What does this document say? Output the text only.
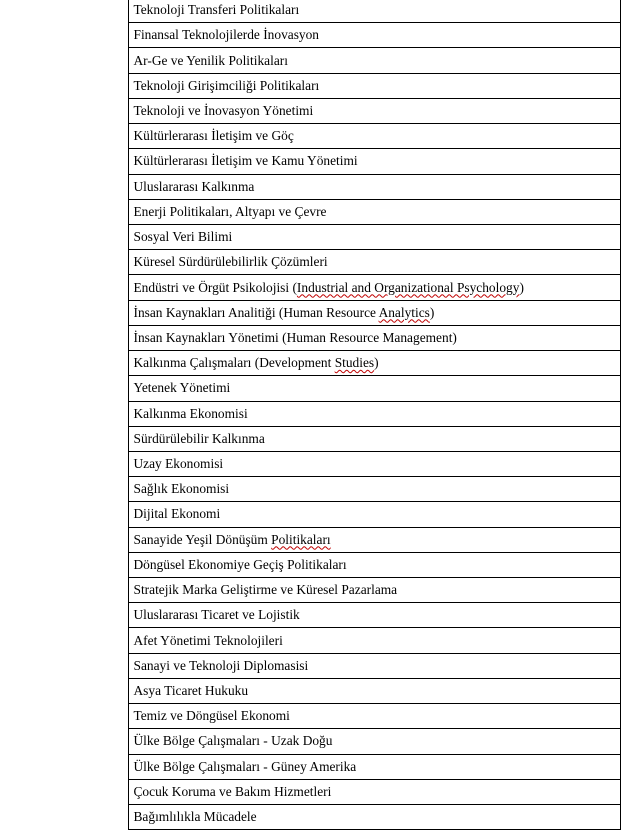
	Teknoloji Transferi Politikaları
	Finansal Teknolojilerde İnovasyon
	Ar-Ge ve Yenilik Politikaları
	Teknoloji Girişimciliği Politikaları
	Teknoloji ve İnovasyon Yönetimi
	Kültürlerarası İletişim ve Göç
	Kültürlerarası İletişim ve Kamu Yönetimi
	Uluslararası Kalkınma
	Enerji Politikaları, Altyapı ve Çevre
	Sosyal Veri Bilimi
	Küresel Sürdürülebilirlik Çözümleri
	Endüstri ve Örgüt Psikolojisi (Industrial and Organizational Psychology)
	İnsan Kaynakları Analitiği (Human Resource Analytics)
	İnsan Kaynakları Yönetimi (Human Resource Management)
	Kalkınma Çalışmaları (Development Studies)
	Yetenek Yönetimi
	Kalkınma Ekonomisi
	Sürdürülebilir Kalkınma
	Uzay Ekonomisi
	Sağlık Ekonomisi
	Dijital Ekonomi
	Sanayide Yeşil Dönüşüm Politikaları
	Döngüsel Ekonomiye Geçiş Politikaları
	Stratejik Marka Geliştirme ve Küresel Pazarlama
	Uluslararası Ticaret ve Lojistik
	Afet Yönetimi Teknolojileri
	Sanayi ve Teknoloji Diplomasisi
	Asya Ticaret Hukuku
	Temiz ve Döngüsel Ekonomi
	Ülke Bölge Çalışmaları - Uzak Doğu
	Ülke Bölge Çalışmaları - Güney Amerika
	Çocuk Koruma ve Bakım Hizmetleri
	Bağımlılıkla Mücadele
